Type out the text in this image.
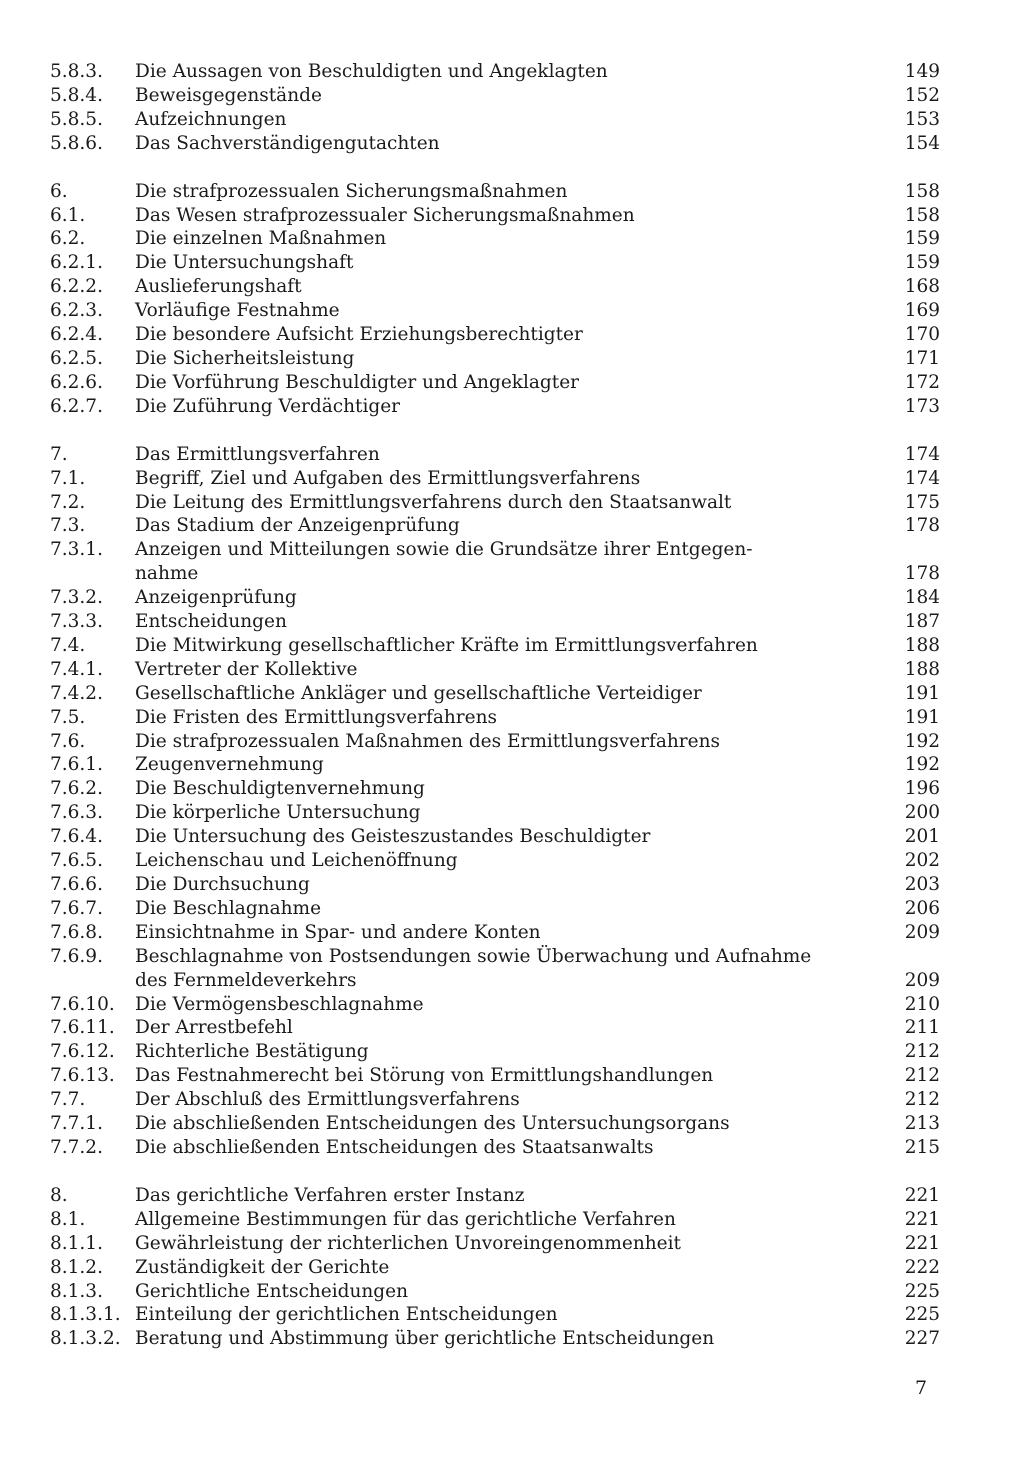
5.8.3.	Die Aussagen von Beschuldigten und Angeklagten	149
5.8.4.	Beweisgegenstände	152
5.8.5.	Aufzeichnungen	153
5.8.6.	Das Sachverständigengutachten	154
6.	Die strafprozessualen Sicherungsmaßnahmen	158
6.1.	Das Wesen strafprozessualer Sicherungsmaßnahmen	158
6.2.	Die einzelnen Maßnahmen	159
6.2.1.	Die Untersuchungshaft	159
6.2.2.	Auslieferungshaft	168
6.2.3.	Vorläufige Festnahme	169
6.2.4.	Die besondere Aufsicht Erziehungsberechtigter	170
6.2.5.	Die Sicherheitsleistung	171
6.2.6.	Die Vorführung Beschuldigter und Angeklagter	172
6.2.7.	Die Zuführung Verdächtiger	173
7.	Das Ermittlungsverfahren	174
7.1.	Begriff, Ziel und Aufgaben des Ermittlungsverfahrens	174
7.2.	Die Leitung des Ermittlungsverfahrens durch den Staatsanwalt	175
7.3.	Das Stadium der Anzeigenprüfung	178
7.3.1.	Anzeigen und Mitteilungen sowie die Grundsätze ihrer Entgegen-
nahme	178
7.3.2.	Anzeigenprüfung	184
7.3.3.	Entscheidungen	187
7.4.	Die Mitwirkung gesellschaftlicher Kräfte im Ermittlungsverfahren	188
7.4.1.	Vertreter der Kollektive	188
7.4.2.	Gesellschaftliche Ankläger und gesellschaftliche Verteidiger	191
7.5.	Die Fristen des Ermittlungsverfahrens	191
7.6.	Die strafprozessualen Maßnahmen des Ermittlungsverfahrens	192
7.6.1.	Zeugenvernehmung	192
7.6.2.	Die Beschuldigtenvernehmung	196
7.6.3.	Die körperliche Untersuchung	200
7.6.4.	Die Untersuchung des Geisteszustandes Beschuldigter	201
7.6.5.	Leichenschau und Leichenöffnung	202
7.6.6.	Die Durchsuchung	203
7.6.7.	Die Beschlagnahme	206
7.6.8.	Einsichtnahme in Spar- und andere Konten	209
7.6.9.	Beschlagnahme von Postsendungen sowie Überwachung und Aufnahme
des Fernmeldeverkehrs	209
7.6.10.	Die Vermögensbeschlagnahme	210
7.6.11.	Der Arrestbefehl	211
7.6.12.	Richterliche Bestätigung	212
7.6.13.	Das Festnahmerecht bei Störung von Ermittlungshandlungen	212
7.7.	Der Abschluß des Ermittlungsverfahrens	212
7.7.1.	Die abschließenden Entscheidungen des Untersuchungsorgans	213
7.7.2.	Die abschließenden Entscheidungen des Staatsanwalts	215
8.	Das gerichtliche Verfahren erster Instanz	221
8.1.	Allgemeine Bestimmungen für das gerichtliche Verfahren	221
8.1.1.	Gewährleistung der richterlichen Unvoreingenommenheit	221
8.1.2.	Zuständigkeit der Gerichte	222
8.1.3.	Gerichtliche Entscheidungen	225
8.1.3.1. Einteilung der gerichtlichen Entscheidungen	225
8.1.3.2. Beratung und Abstimmung über gerichtliche Entscheidungen	227
7
